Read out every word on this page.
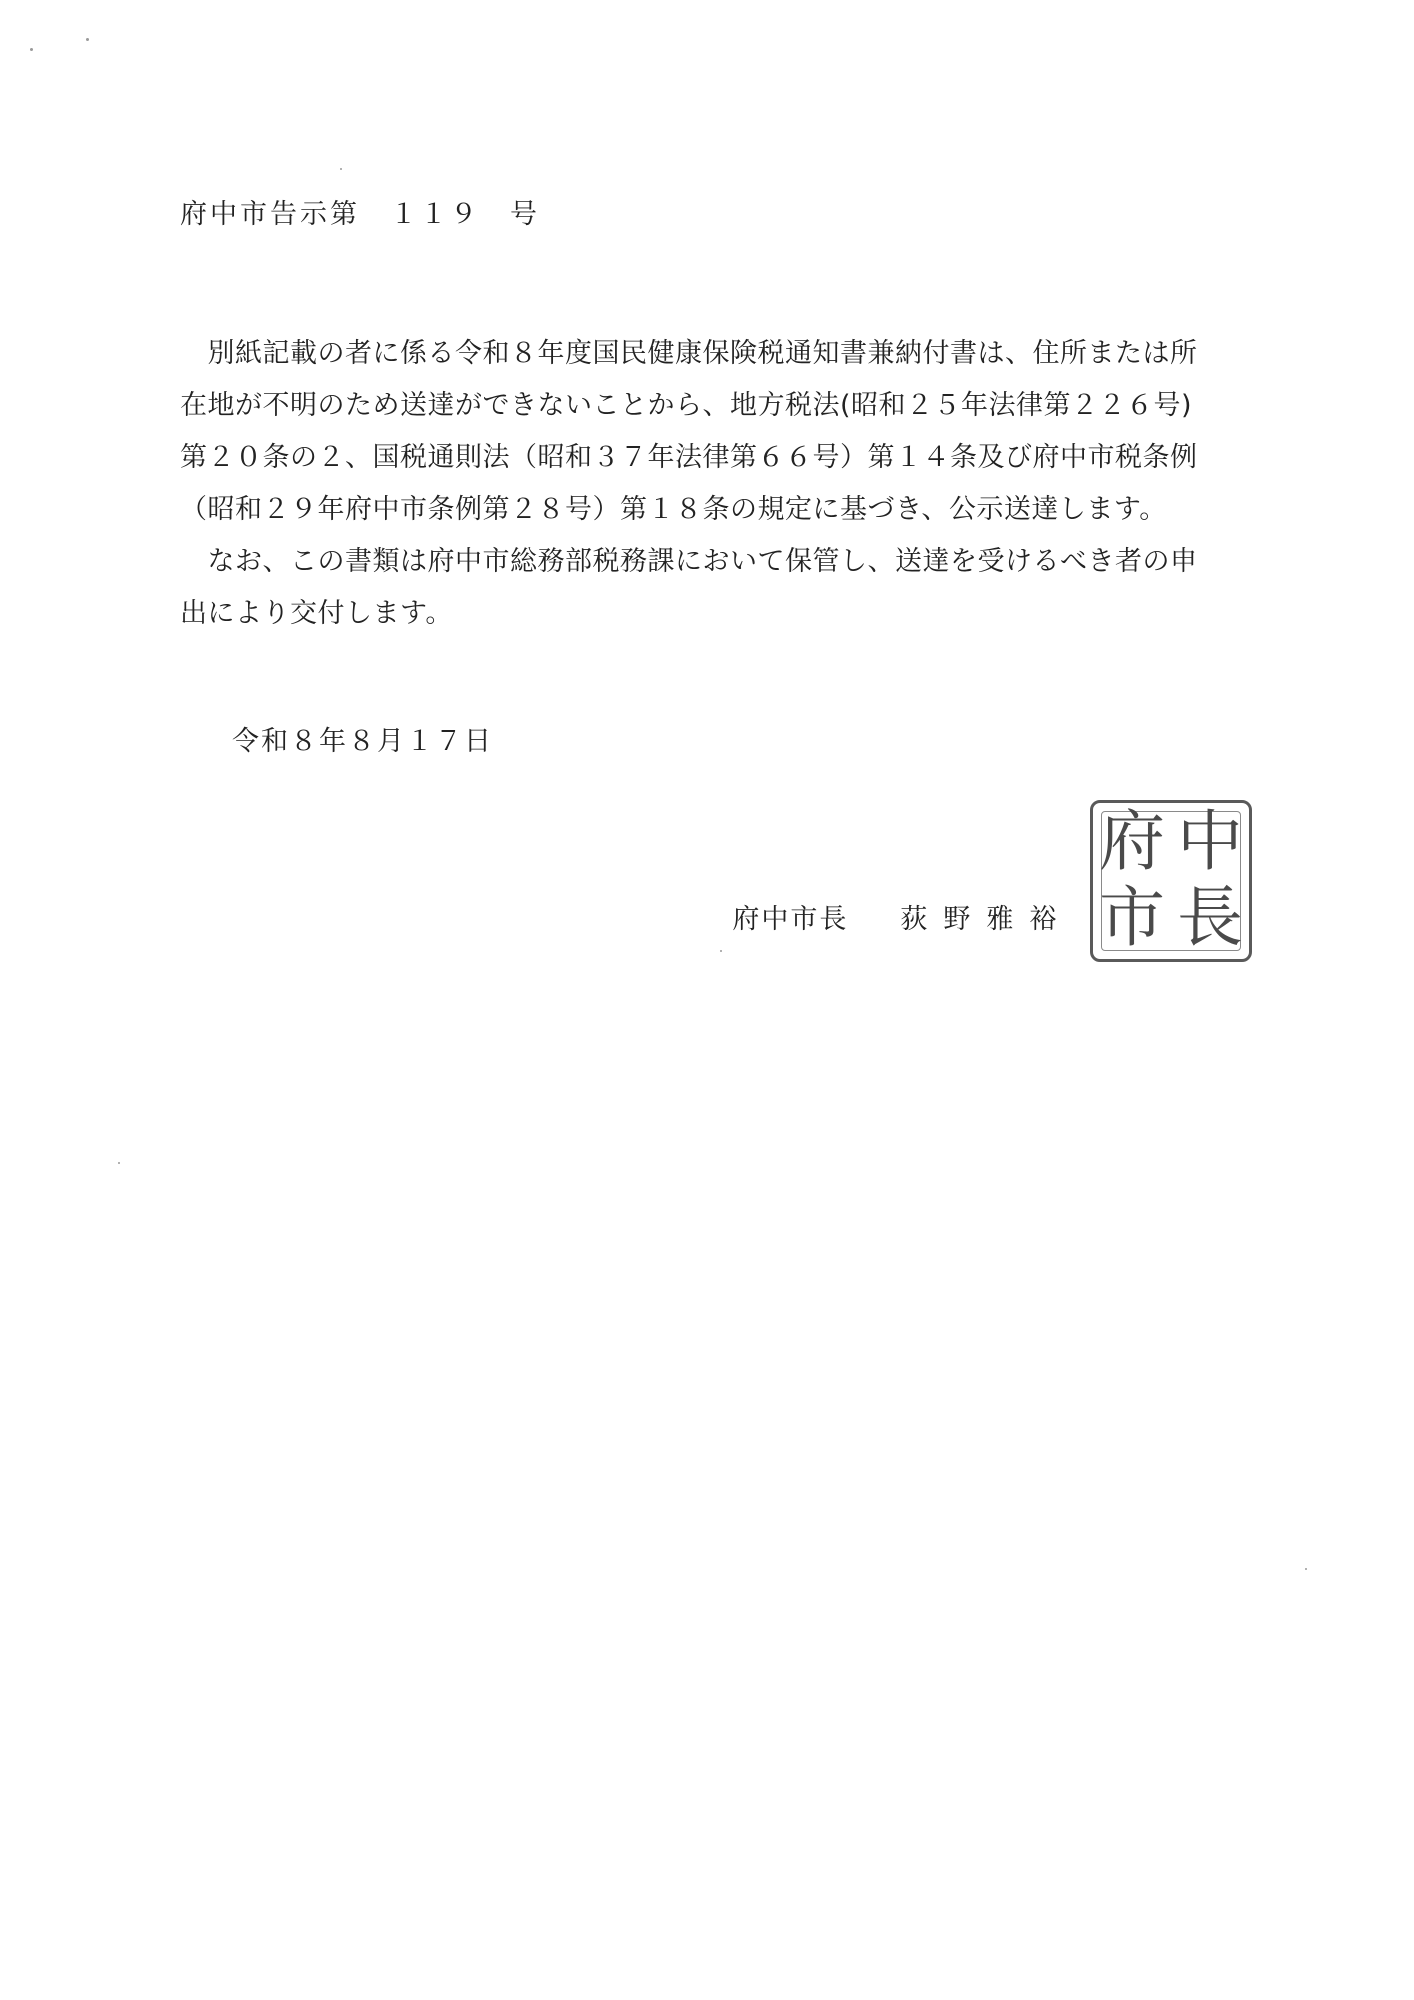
府中市告示第　１１９　号
　別紙記載の者に係る令和８年度国民健康保険税通知書兼納付書は、住所または所
在地が不明のため送達ができないことから、地方税法(昭和２５年法律第２２６号)
第２０条の２、国税通則法（昭和３７年法律第６６号）第１４条及び府中市税条例
（昭和２９年府中市条例第２８号）第１８条の規定に基づき、公示送達します。
　なお、この書類は府中市総務部税務課において保管し、送達を受けるべき者の申
出により交付します。
令和８年８月１７日

府中市長 荻野雅裕

中
府
長
市
